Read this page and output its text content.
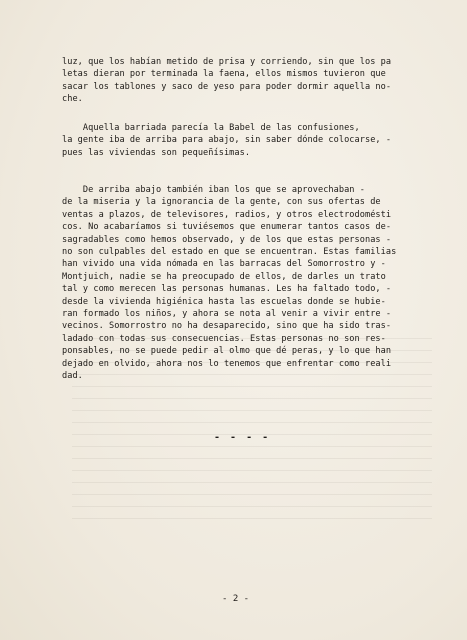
luz, que los habían metido de prisa y corriendo, sin que los pa
letas dieran por terminada la faena, ellos mismos tuvieron que
sacar los tablones y saco de yeso para poder dormir aquella no-
che.
Aquella barriada parecía la Babel de las confusiones,
la gente iba de arriba para abajo, sin saber dónde colocarse, -
pues las viviendas son pequeñísimas.
De arriba abajo también iban los que se aprovechaban -
de la miseria y la ignorancia de la gente, con sus ofertas de
ventas a plazos, de televisores, radios, y otros electrodomésti
cos. No acabaríamos si tuviésemos que enumerar tantos casos de-
sagradables como hemos observado, y de los que estas personas -
no son culpables del estado en que se encuentran. Estas familias
han vivido una vida nómada en las barracas del Somorrostro y -
Montjuich, nadie se ha preocupado de ellos, de darles un trato
tal y como merecen las personas humanas. Les ha faltado todo, -
desde la vivienda higiénica hasta las escuelas donde se hubie-
ran formado los niños, y ahora se nota al venir a vivir entre -
vecinos. Somorrostro no ha desaparecido, sino que ha sido tras-
ladado con todas sus consecuencias. Estas personas no son res-
ponsables, no se puede pedir al olmo que dé peras, y lo que han
dejado en olvido, ahora nos lo tenemos que enfrentar como reali
dad.
- - - -
- 2 -
